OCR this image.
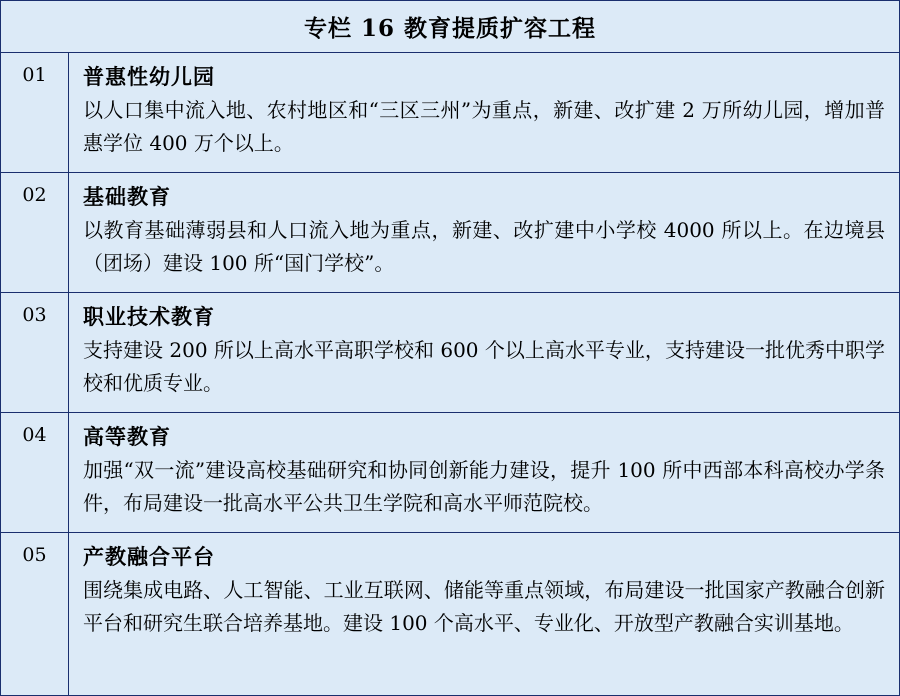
专栏 16 教育提质扩容工程
01	普惠性幼儿园
以人口集中流入地、农村地区和“三区三州”为重点，新建、改扩建 2 万所幼儿园，增加普惠学位 400 万个以上。
02	基础教育
以教育基础薄弱县和人口流入地为重点，新建、改扩建中小学校 4000 所以上。在边境县（团场）建设 100 所“国门学校”。
03	职业技术教育
支持建设 200 所以上高水平高职学校和 600 个以上高水平专业，支持建设一批优秀中职学校和优质专业。
04	高等教育
加强“双一流”建设高校基础研究和协同创新能力建设，提升 100 所中西部本科高校办学条件，布局建设一批高水平公共卫生学院和高水平师范院校。
05	产教融合平台
围绕集成电路、人工智能、工业互联网、储能等重点领域，布局建设一批国家产教融合创新平台和研究生联合培养基地。建设 100 个高水平、专业化、开放型产教融合实训基地。
